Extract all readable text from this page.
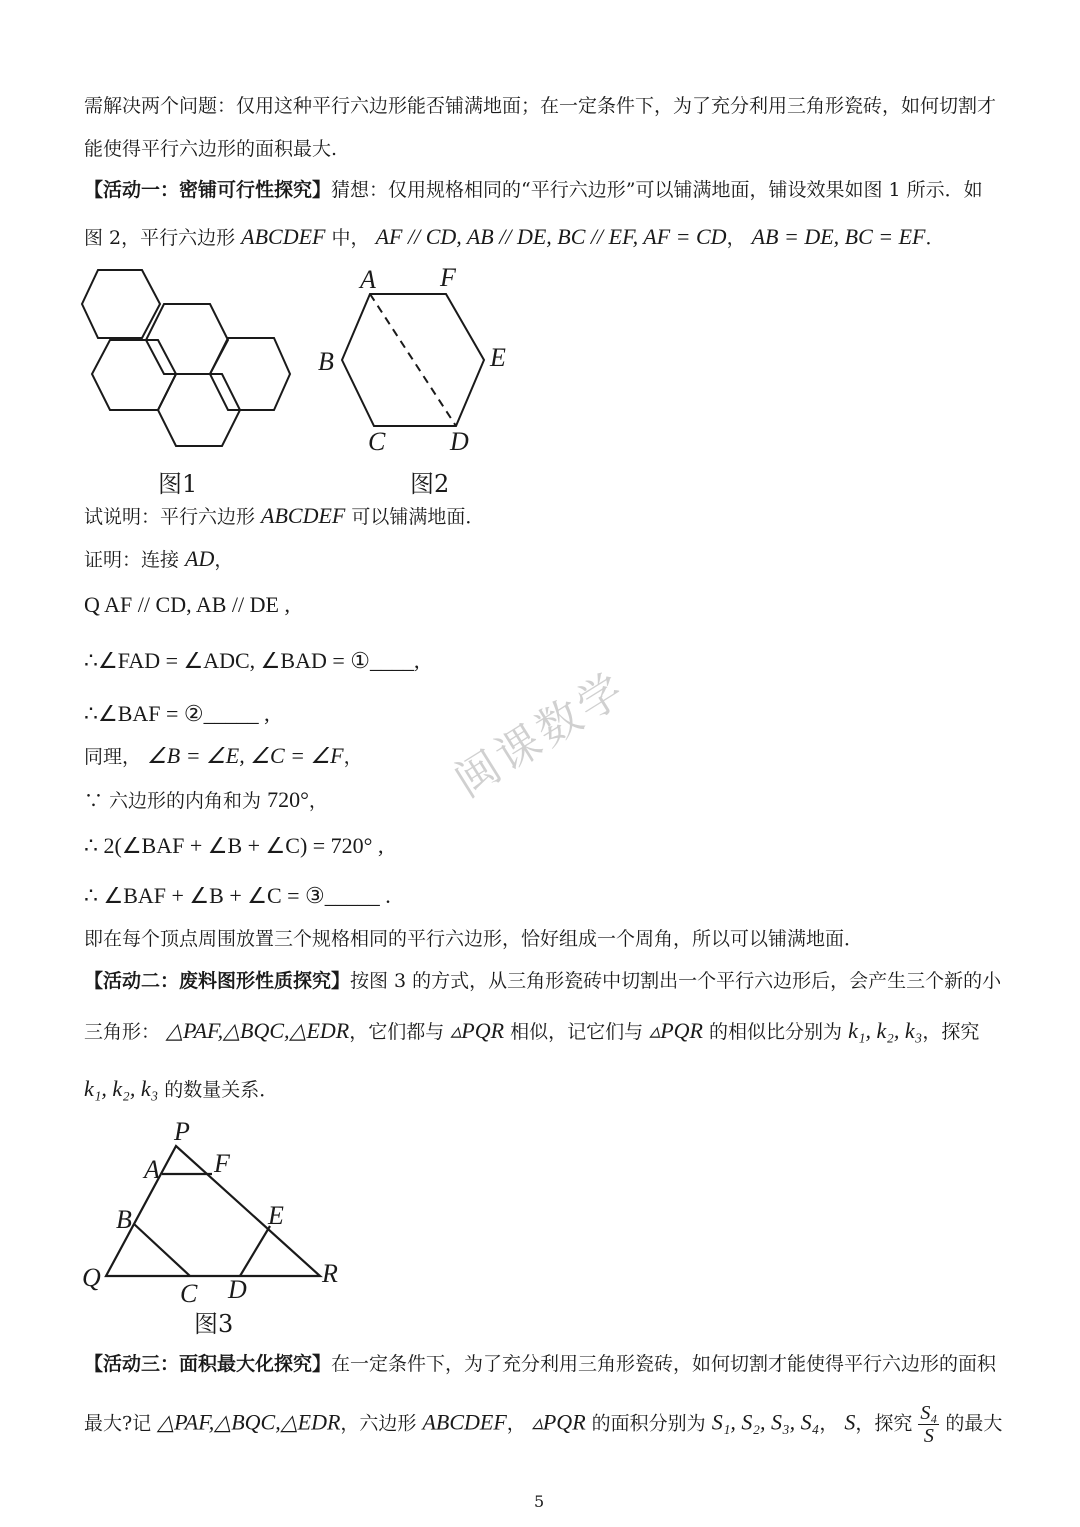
需解决两个问题：仅用这种平行六边形能否铺满地面；在一定条件下，为了充分利用三角形瓷砖，如何切割才
能使得平行六边形的面积最大.
【活动一：密铺可行性探究】猜想：仅用规格相同的“平行六边形”可以铺满地面，铺设效果如图 1 所示．如
图 2，平行六边形 ABCDEF 中， AF // CD, AB // DE, BC // EF, AF = CD， AB = DE, BC = EF．
图1
A F
B	E
C D
图2
试说明：平行六边形 ABCDEF 可以铺满地面．
证明：连接 AD，
Q AF // CD, AB // DE ,
∴∠FAD = ∠ADC, ∠BAD = ①____,
∴∠BAF = ②_____ ,
同理， ∠B = ∠E, ∠C = ∠F，
∵ 六边形的内角和为 720°，
∴ 2(∠BAF + ∠B + ∠C) = 720° ,
∴ ∠BAF + ∠B + ∠C = ③_____ .
即在每个顶点周围放置三个规格相同的平行六边形，恰好组成一个周角，所以可以铺满地面．
【活动二：废料图形性质探究】按图 3 的方式，从三角形瓷砖中切割出一个平行六边形后，会产生三个新的小
三角形： △PAF,△BQC,△EDR，它们都与 ▵PQR 相似，记它们与 ▵PQR 的相似比分别为 k₁, k₂, k₃，探究
k₁, k₂, k₃ 的数量关系．
P
A F
B	E
Q
C D
R
图3
【活动三：面积最大化探究】在一定条件下，为了充分利用三角形瓷砖，如何切割才能使得平行六边形的面积
最大?记 △PAF,△BQC,△EDR，六边形 ABCDEF， ▵PQR 的面积分别为 S₁, S₂, S₃, S₄， S，探究 $\frac{\text{S₄}}{S}$ 的最大
闽课数学
5
